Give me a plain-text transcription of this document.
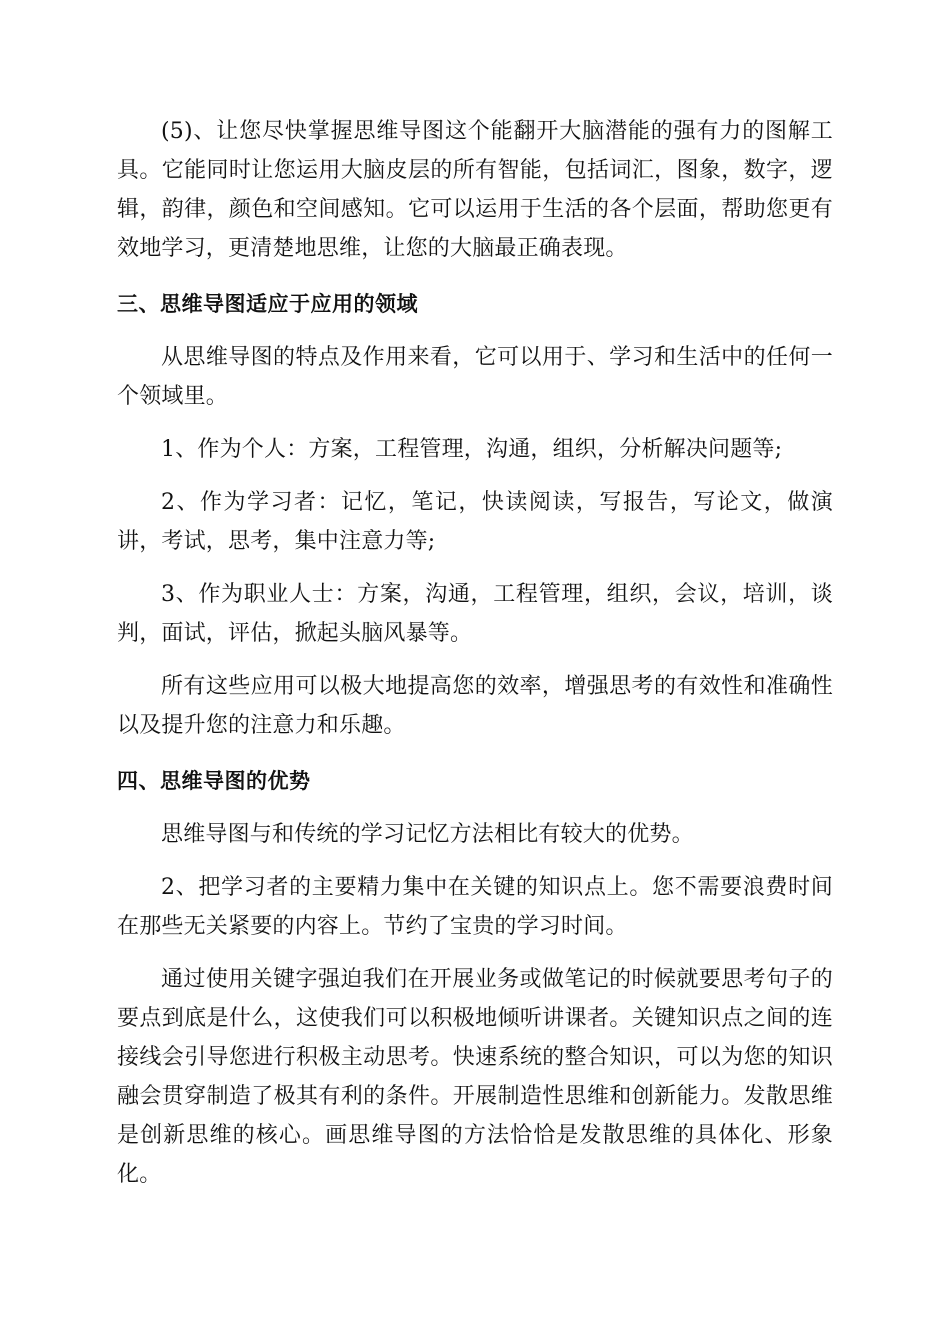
(5)、让您尽快掌握思维导图这个能翻开大脑潜能的强有力的图解工具。它能同时让您运用大脑皮层的所有智能，包括词汇，图象，数字，逻辑，韵律，颜色和空间感知。它可以运用于生活的各个层面，帮助您更有效地学习，更清楚地思维，让您的大脑最正确表现。

三、思维导图适应于应用的领域

从思维导图的特点及作用来看，它可以用于、学习和生活中的任何一个领域里。

1、作为个人：方案，工程管理，沟通，组织，分析解决问题等;

2、作为学习者：记忆，笔记，快读阅读，写报告，写论文，做演讲，考试，思考，集中注意力等;

3、作为职业人士：方案，沟通，工程管理，组织，会议，培训，谈判，面试，评估，掀起头脑风暴等。

所有这些应用可以极大地提高您的效率，增强思考的有效性和准确性以及提升您的注意力和乐趣。

四、思维导图的优势

思维导图与和传统的学习记忆方法相比有较大的优势。

2、把学习者的主要精力集中在关键的知识点上。您不需要浪费时间在那些无关紧要的内容上。节约了宝贵的学习时间。

通过使用关键字强迫我们在开展业务或做笔记的时候就要思考句子的要点到底是什么，这使我们可以积极地倾听讲课者。关键知识点之间的连接线会引导您进行积极主动思考。快速系统的整合知识，可以为您的知识融会贯穿制造了极其有利的条件。开展制造性思维和创新能力。发散思维是创新思维的核心。画思维导图的方法恰恰是发散思维的具体化、形象化。
